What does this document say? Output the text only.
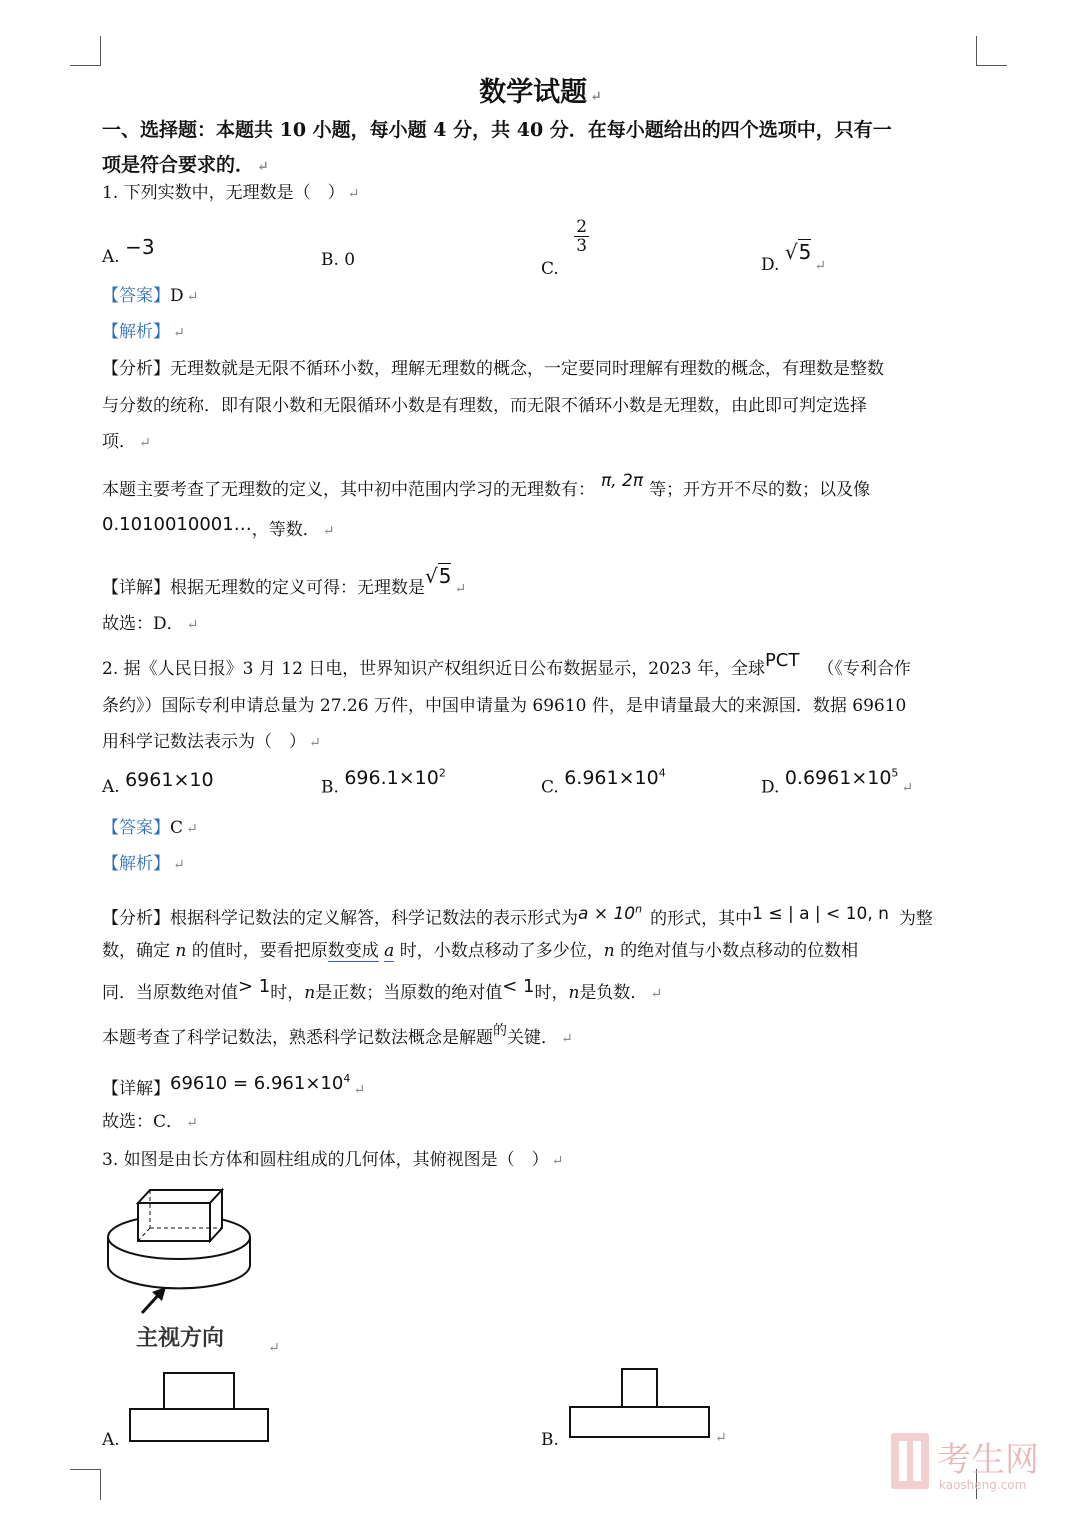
数学试题 ↵
一、选择题：本题共 10 小题，每小题 4 分，共 40 分．在每小题给出的四个选项中，只有一
项是符合要求的． ↵
1. 下列实数中，无理数是（　） ↵
A. −3
B. 0	C.
$\frac{2}{3}$
D. $√5_↵$
【答案】D ↵
【解析】 ↵
【分析】无理数就是无限不循环小数，理解无理数的概念，一定要同时理解有理数的概念，有理数是整数
与分数的统称．即有限小数和无限循环小数是有理数，而无限不循环小数是无理数，由此即可判定选择
项． ↵
本题主要考查了无理数的定义，其中初中范围内学习的无理数有： π, 2π 等；开方开不尽的数；以及像
0.1010010001…，等数． ↵
【详解】根据无理数的定义可得：无理数是√5↵
故选：D． ↵
2. 据《人民日报》3 月 12 日电，世界知识产权组织近日公布数据显示，2023 年，全球PCT （《专利合作
条约》）国际专利申请总量为 27.26 万件，中国申请量为 69610 件，是申请量最大的来源国．数据 69610
用科学记数法表示为（　） ↵
A. 6961×10	B. $696.1\times 10^2$
C. $6.961\times 10^4$
D. $0.6961\times 10^5↵$
【答案】C ↵
【解析】 ↵
【分析】根据科学记数法的定义解答，科学记数法的表示形式为$a \times 10^n$的形式，其中1 ≤ | a | < 10, n 为整
数，确定 n 的值时，要看把原数变成 a 时，小数点移动了多少位，n 的绝对值与小数点移动的位数相
同．当原数绝对值> 1时，n是正数；当原数的绝对值< 1时，n是负数． ↵
本题考查了科学记数法，熟悉科学记数法概念是解题$^的$关键． ↵
【详解】$69610 = 6.961\times 10^4↵$
故选：C． ↵
3. 如图是由长方体和圆柱组成的几何体，其俯视图是（　） ↵
主视方向	↵
A.	B.	↵
考生网
kaosheng.com
